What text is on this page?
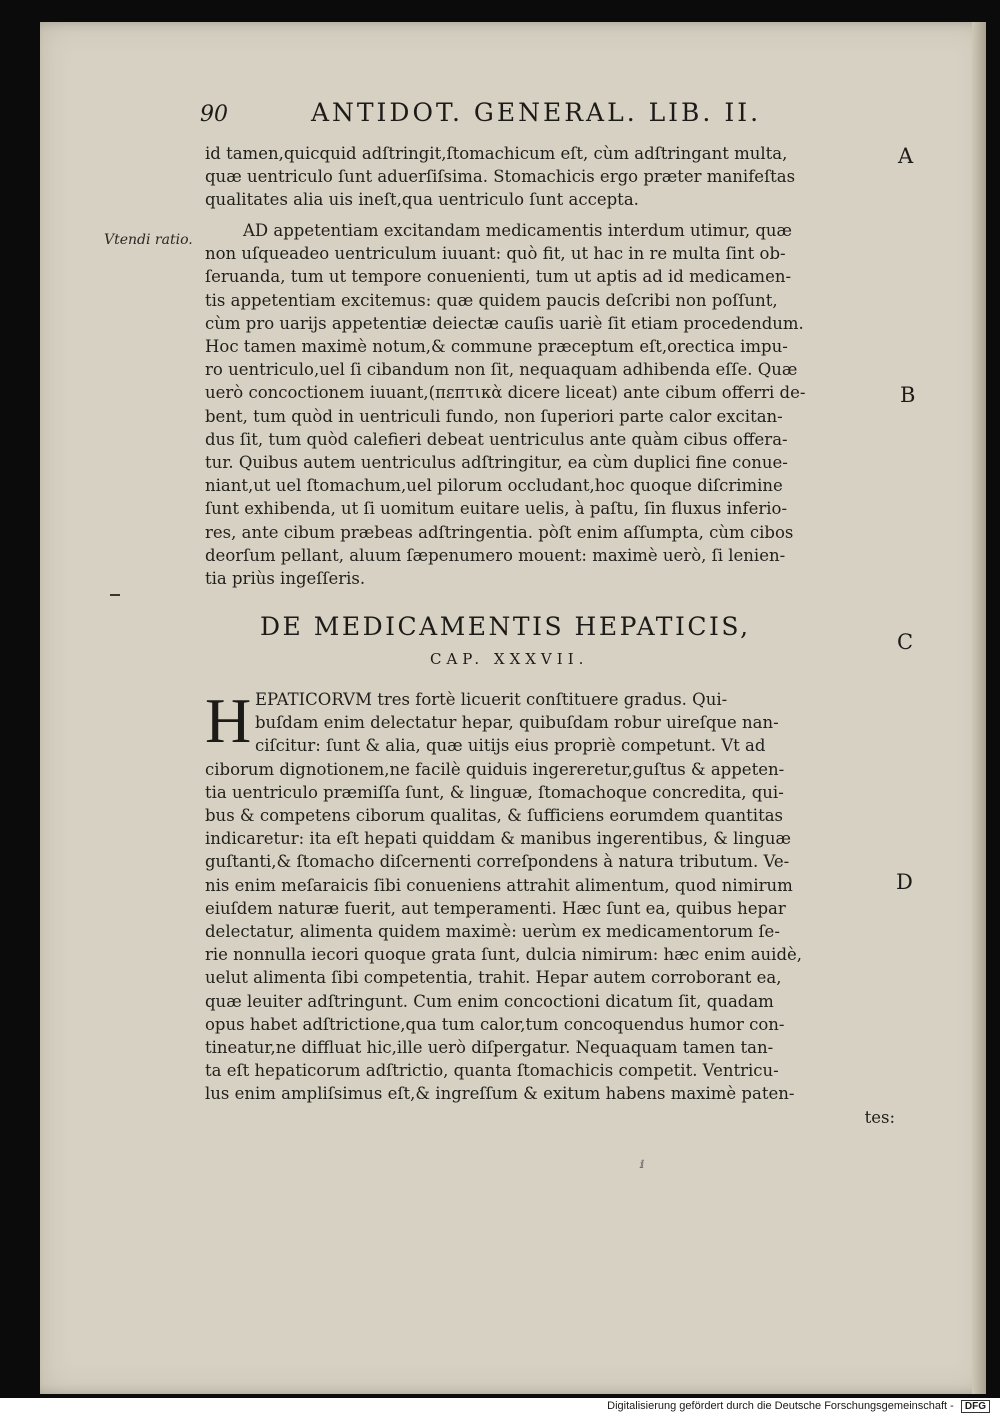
90	ANTIDOT. GENERAL. LIB. II.
Vtendi ratio.
A
B
C
D
id tamen,quicquid adſtringit,ſtomachicum eſt, cùm adſtringant multa,
quæ uentriculo ſunt aduerſiſsima. Stomachicis ergo præter manifeſtas
qualitates alia uis ineſt,qua uentriculo ſunt accepta.
AD appetentiam excitandam medicamentis interdum utimur, quæ
non uſqueadeo uentriculum iuuant: quò fit, ut hac in re multa ſint ob-
ſeruanda, tum ut tempore conuenienti, tum ut aptis ad id medicamen-
tis appetentiam excitemus: quæ quidem paucis deſcribi non poſſunt,
cùm pro uarijs appetentiæ deiectæ cauſis uariè ſit etiam procedendum.
Hoc tamen maximè notum,& commune præceptum eſt,orectica impu-
ro uentriculo,uel ſi cibandum non ſit, nequaquam adhibenda eſſe. Quæ
uerò concoctionem iuuant,(πεπτικὰ dicere liceat) ante cibum offerri de-
bent, tum quòd in uentriculi fundo, non ſuperiori parte calor excitan-
dus ſit, tum quòd calefieri debeat uentriculus ante quàm cibus offera-
tur. Quibus autem uentriculus adſtringitur, ea cùm duplici fine conue-
niant,ut uel ſtomachum,uel pilorum occludant,hoc quoque diſcrimine
ſunt exhibenda, ut ſi uomitum euitare uelis, à paſtu, ſin fluxus inferio-
res, ante cibum præbeas adſtringentia. pòſt enim aſſumpta, cùm cibos
deorſum pellant, aluum ſæpenumero mouent: maximè uerò, ſi lenien-
tia priùs ingeſſeris.
DE MEDICAMENTIS HEPATICIS,
CAP. XXXVII.
H EPATICORVM tres fortè licuerit conſtituere gradus. Qui-
buſdam enim delectatur hepar, quibuſdam robur uireſque nan-
ciſcitur: ſunt & alia, quæ uitijs eius propriè competunt. Vt ad
ciborum dignotionem,ne facilè quiduis ingereretur,guſtus & appeten-
tia uentriculo præmiſſa ſunt, & linguæ, ſtomachoque concredita, qui-
bus & competens ciborum qualitas, & ſufficiens eorumdem quantitas
indicaretur: ita eſt hepati quiddam & manibus ingerentibus, & linguæ
guſtanti,& ſtomacho diſcernenti correſpondens à natura tributum. Ve-
nis enim meſaraicis ſibi conueniens attrahit alimentum, quod nimirum
eiuſdem naturæ fuerit, aut temperamenti. Hæc ſunt ea, quibus hepar
delectatur, alimenta quidem maximè: uerùm ex medicamentorum ſe-
rie nonnulla iecori quoque grata ſunt, dulcia nimirum: hæc enim auidè,
uelut alimenta ſibi competentia, trahit. Hepar autem corroborant ea,
quæ leuiter adſtringunt. Cum enim concoctioni dicatum ſit, quadam
opus habet adſtrictione,qua tum calor,tum concoquendus humor con-
tineatur,ne diffluat hic,ille uerò diſpergatur. Nequaquam tamen tan-
ta eſt hepaticorum adſtrictio, quanta ſtomachicis competit. Ventricu-
lus enim ampliſsimus eſt,& ingreſſum & exitum habens maximè paten-
tes:
ⅈ
Digitalisierung gefördert durch die Deutsche Forschungsgemeinschaft - DFG
